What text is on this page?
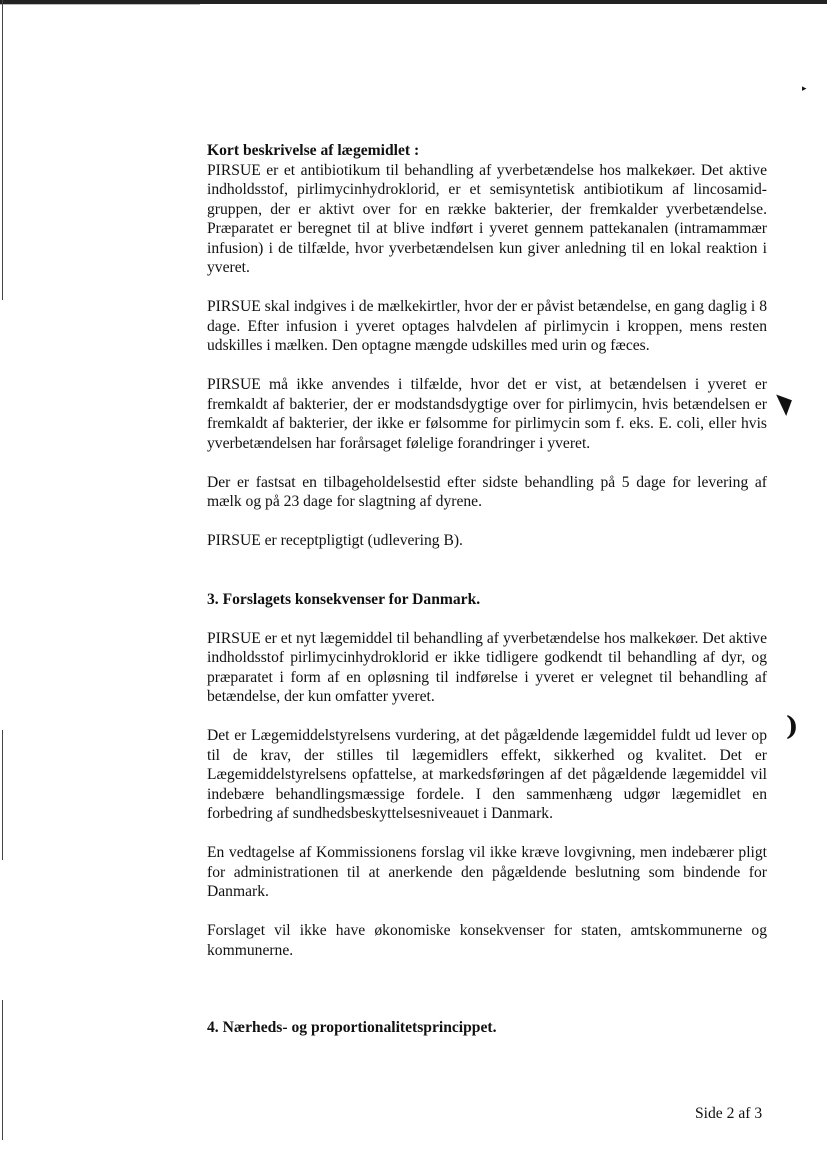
▸
◥
)

Kort beskrivelse af lægemidlet :

PIRSUE er et antibiotikum til behandling af yverbetændelse hos malkekøer. Det aktive indholdsstof, pirlimycinhydroklorid, er et semisyntetisk antibiotikum af lincosamid-gruppen, der er aktivt over for en række bakterier, der fremkalder yverbetændelse. Præparatet er beregnet til at blive indført i yveret gennem pattekanalen (intramammær infusion) i de tilfælde, hvor yverbetændelsen kun giver anledning til en lokal reaktion i yveret.

PIRSUE skal indgives i de mælkekirtler, hvor der er påvist betændelse, en gang daglig i 8 dage. Efter infusion i yveret optages halvdelen af pirlimycin i kroppen, mens resten udskilles i mælken. Den optagne mængde udskilles med urin og fæces.

PIRSUE må ikke anvendes i tilfælde, hvor det er vist, at betændelsen i yveret er fremkaldt af bakterier, der er modstandsdygtige over for pirlimycin, hvis betændelsen er fremkaldt af bakterier, der ikke er følsomme for pirlimycin som f. eks. E. coli, eller hvis yverbetændelsen har forårsaget følelige forandringer i yveret.

Der er fastsat en tilbageholdelsestid efter sidste behandling på 5 dage for levering af mælk og på 23 dage for slagtning af dyrene.

PIRSUE er receptpligtigt (udlevering B).

3. Forslagets konsekvenser for Danmark.

PIRSUE er et nyt lægemiddel til behandling af yverbetændelse hos malkekøer. Det aktive indholdsstof pirlimycinhydroklorid er ikke tidligere godkendt til behandling af dyr, og præparatet i form af en opløsning til indførelse i yveret er velegnet til behandling af betændelse, der kun omfatter yveret.

Det er Lægemiddelstyrelsens vurdering, at det pågældende lægemiddel fuldt ud lever op til de krav, der stilles til lægemidlers effekt, sikkerhed og kvalitet. Det er Lægemiddelstyrelsens opfattelse, at markedsføringen af det pågældende lægemiddel vil indebære behandlingsmæssige fordele. I den sammenhæng udgør lægemidlet en forbedring af sundhedsbeskyttelsesniveauet i Danmark.

En vedtagelse af Kommissionens forslag vil ikke kræve lovgivning, men indebærer pligt for administrationen til at anerkende den pågældende beslutning som bindende for Danmark.

Forslaget vil ikke have økonomiske konsekvenser for staten, amtskommunerne og kommunerne.

4. Nærheds- og proportionalitetsprincippet.

Side 2 af 3
